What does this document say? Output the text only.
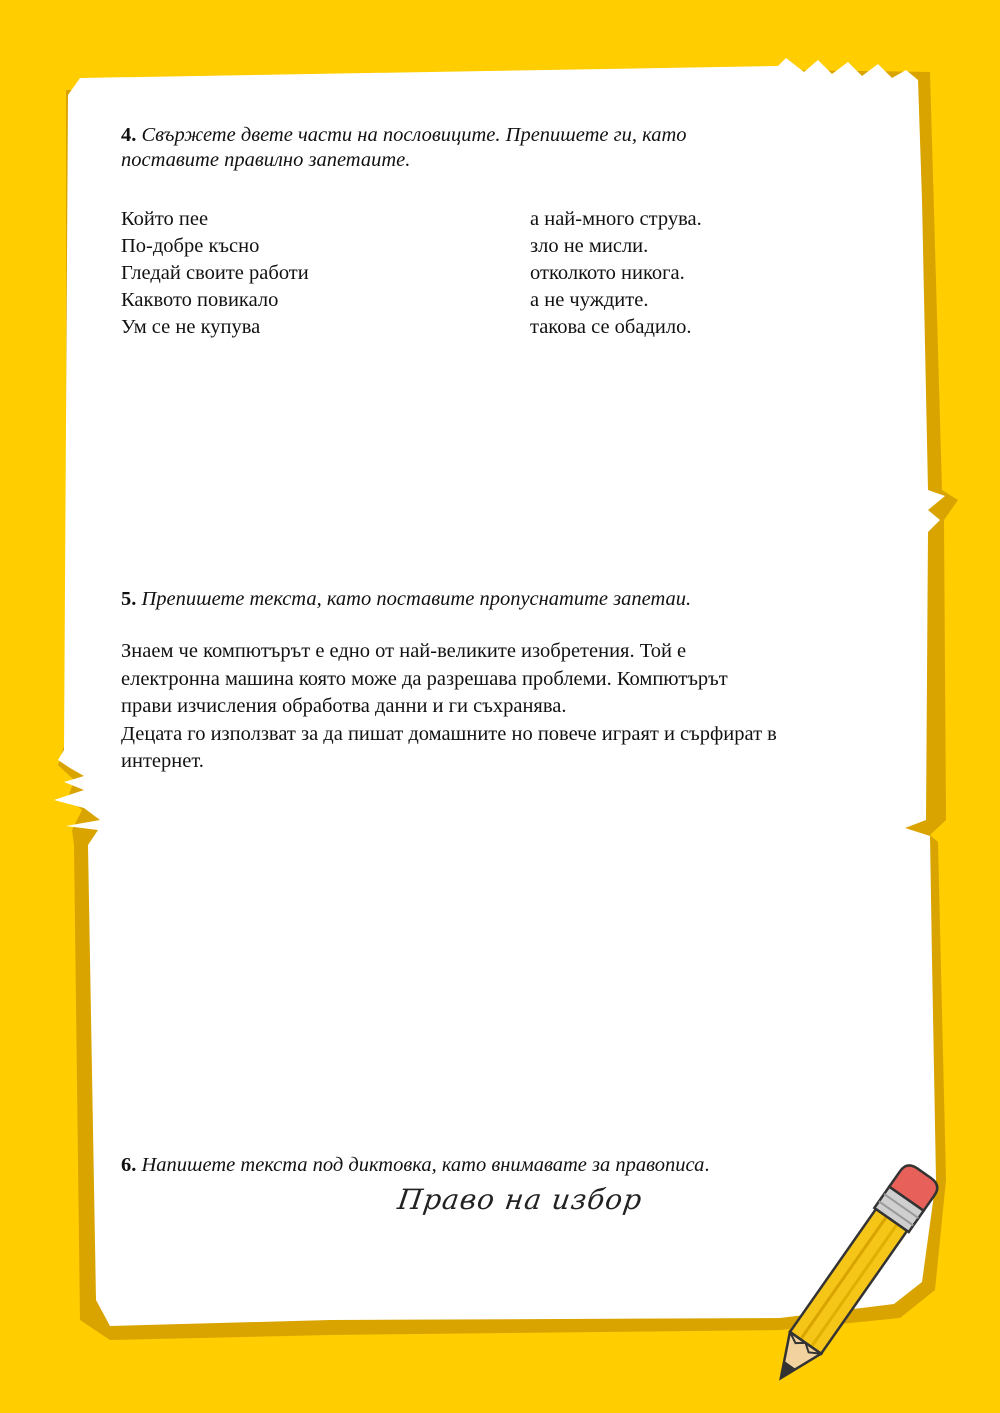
4. Свържете двете части на пословиците. Препишете ги, като
поставите правилно запетаите.
Който пее
По-добре късно
Гледай своите работи
Каквото повикало
Ум се не купува
а най-много струва.
зло не мисли.
отколкото никога.
а не чуждите.
такова се обадило.
5. Препишете текста, като поставите пропуснатите запетаи.
Знаем че компютърът е едно от най-великите изобретения. Той е
електронна машина която може да разрешава проблеми. Компютърът
прави изчисления обработва данни и ги съхранява.
Децата го използват за да пишат домашните но повече играят и сърфират в
интернет.
6. Напишете текста под диктовка, като внимавате за правописа.
Право на избор
